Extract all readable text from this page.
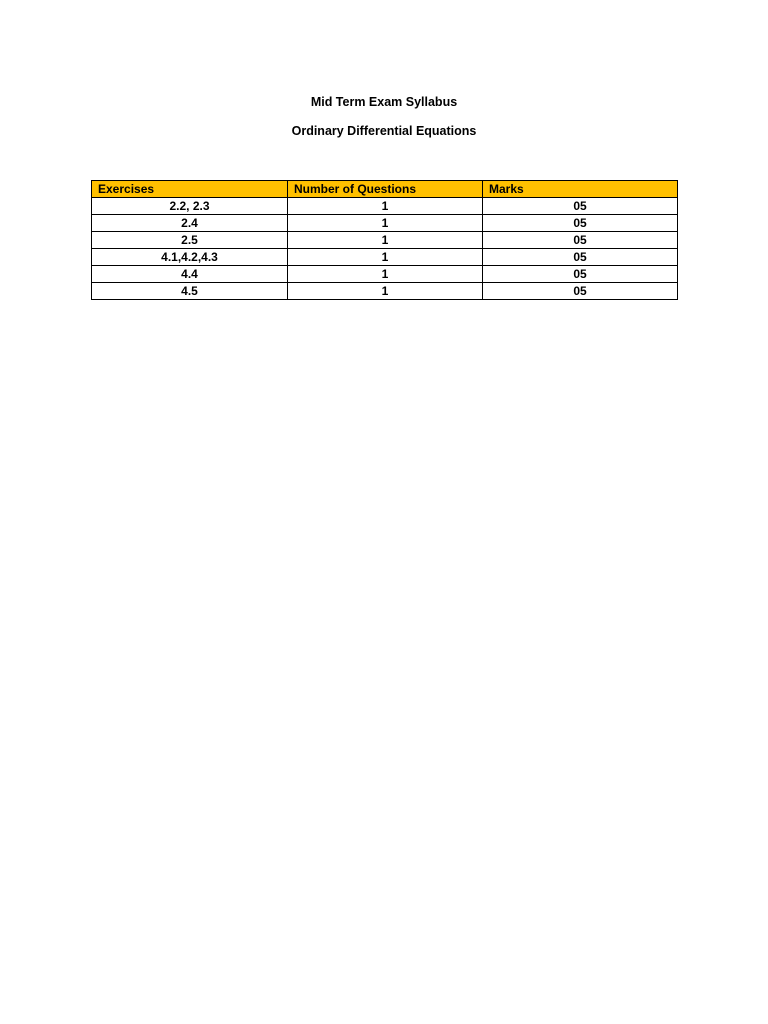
Mid Term Exam Syllabus
Ordinary Differential Equations
Exercises	Number of Questions	Marks
2.2, 2.3	1	05
2.4	1	05
2.5	1	05
4.1,4.2,4.3	1	05
4.4	1	05
4.5	1	05
